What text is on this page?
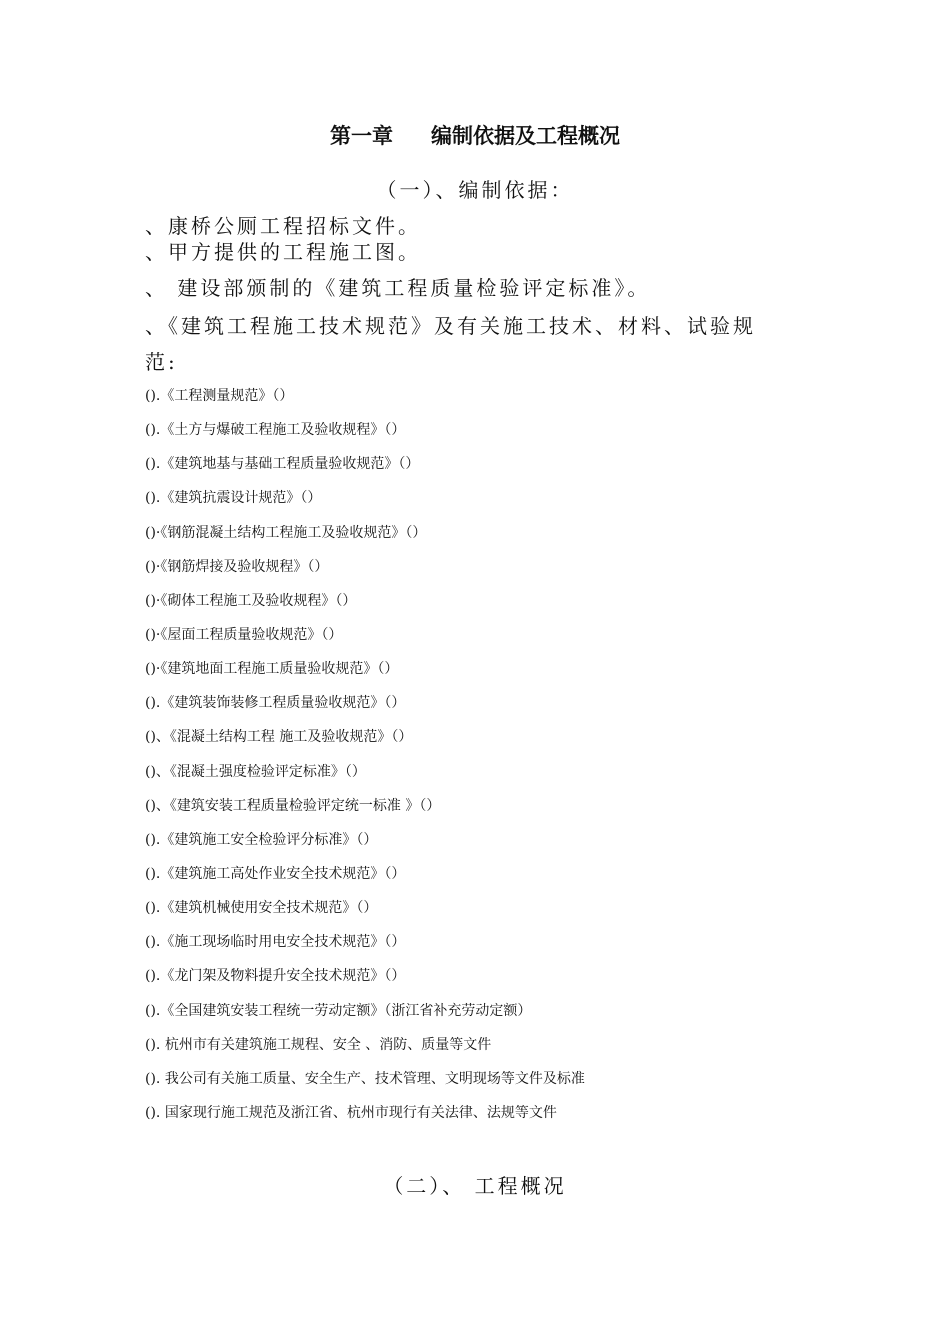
第一章 编制依据及工程概况
（一）、编制依据：
、康桥公厕工程招标文件。
、甲方提供的工程施工图。
、 建设部颁制的《建筑工程质量检验评定标准》。
、《建筑工程施工技术规范》及有关施工技术、材料、试验规
范:
().《工程测量规范》（）
().《土方与爆破工程施工及验收规程》（）
().《建筑地基与基础工程质量验收规范》（）
().《建筑抗震设计规范》（）
()·《钢筋混凝土结构工程施工及验收规范》（）
()·《钢筋焊接及验收规程》（）
()·《砌体工程施工及验收规程》（）
()·《屋面工程质量验收规范》（）
()·《建筑地面工程施工质量验收规范》（）
().《建筑装饰装修工程质量验收规范》（）
()、《混凝土结构工程 施工及验收规范》（）
()、《混凝土强度检验评定标准》（）
()、《建筑安装工程质量检验评定统一标准 》（）
().《建筑施工安全检验评分标准》（）
().《建筑施工高处作业安全技术规范》（）
().《建筑机械使用安全技术规范》（）
().《施工现场临时用电安全技术规范》（）
().《龙门架及物料提升安全技术规范》（）
().《全国建筑安装工程统一劳动定额》（浙江省补充劳动定额）
(). 杭州市有关建筑施工规程、安全 、消防、质量等文件
(). 我公司有关施工质量、安全生产、技术管理、文明现场等文件及标准
(). 国家现行施工规范及浙江省、杭州市现行有关法律、法规等文件
（二）、 工程概况
